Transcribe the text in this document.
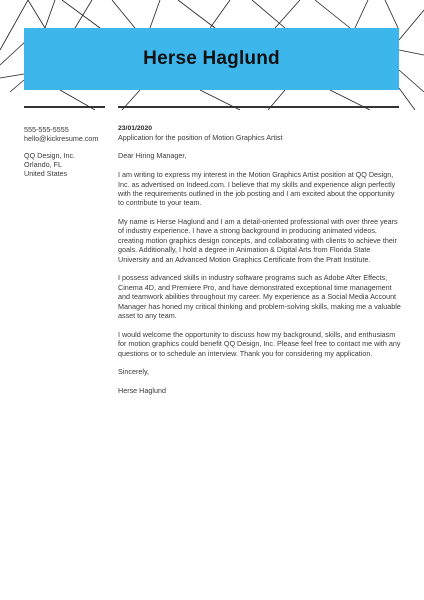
Herse Haglund
555-555-5555
hello@kickresume.com
QQ Design, Inc.
Orlando, FL
United States
23/01/2020
Application for the position of Motion Graphics Artist

Dear Hiring Manager,

I am writing to express my interest in the Motion Graphics Artist position at QQ Design, Inc. as advertised on Indeed.com. I believe that my skills and experience align perfectly with the requirements outlined in the job posting and I am excited about the opportunity to contribute to your team.

My name is Herse Haglund and I am a detail-oriented professional with over three years of industry experience. I have a strong background in producing animated videos, creating motion graphics design concepts, and collaborating with clients to achieve their goals. Additionally, I hold a degree in Animation & Digital Arts from Florida State University and an Advanced Motion Graphics Certificate from the Pratt Institute.

I possess advanced skills in industry software programs such as Adobe After Effects, Cinema 4D, and Premiere Pro, and have demonstrated exceptional time management and teamwork abilities throughout my career. My experience as a Social Media Account Manager has honed my critical thinking and problem-solving skills, making me a valuable asset to any team.

I would welcome the opportunity to discuss how my background, skills, and enthusiasm for motion graphics could benefit QQ Design, Inc. Please feel free to contact me with any questions or to schedule an interview. Thank you for considering my application.

Sincerely,

Herse Haglund
